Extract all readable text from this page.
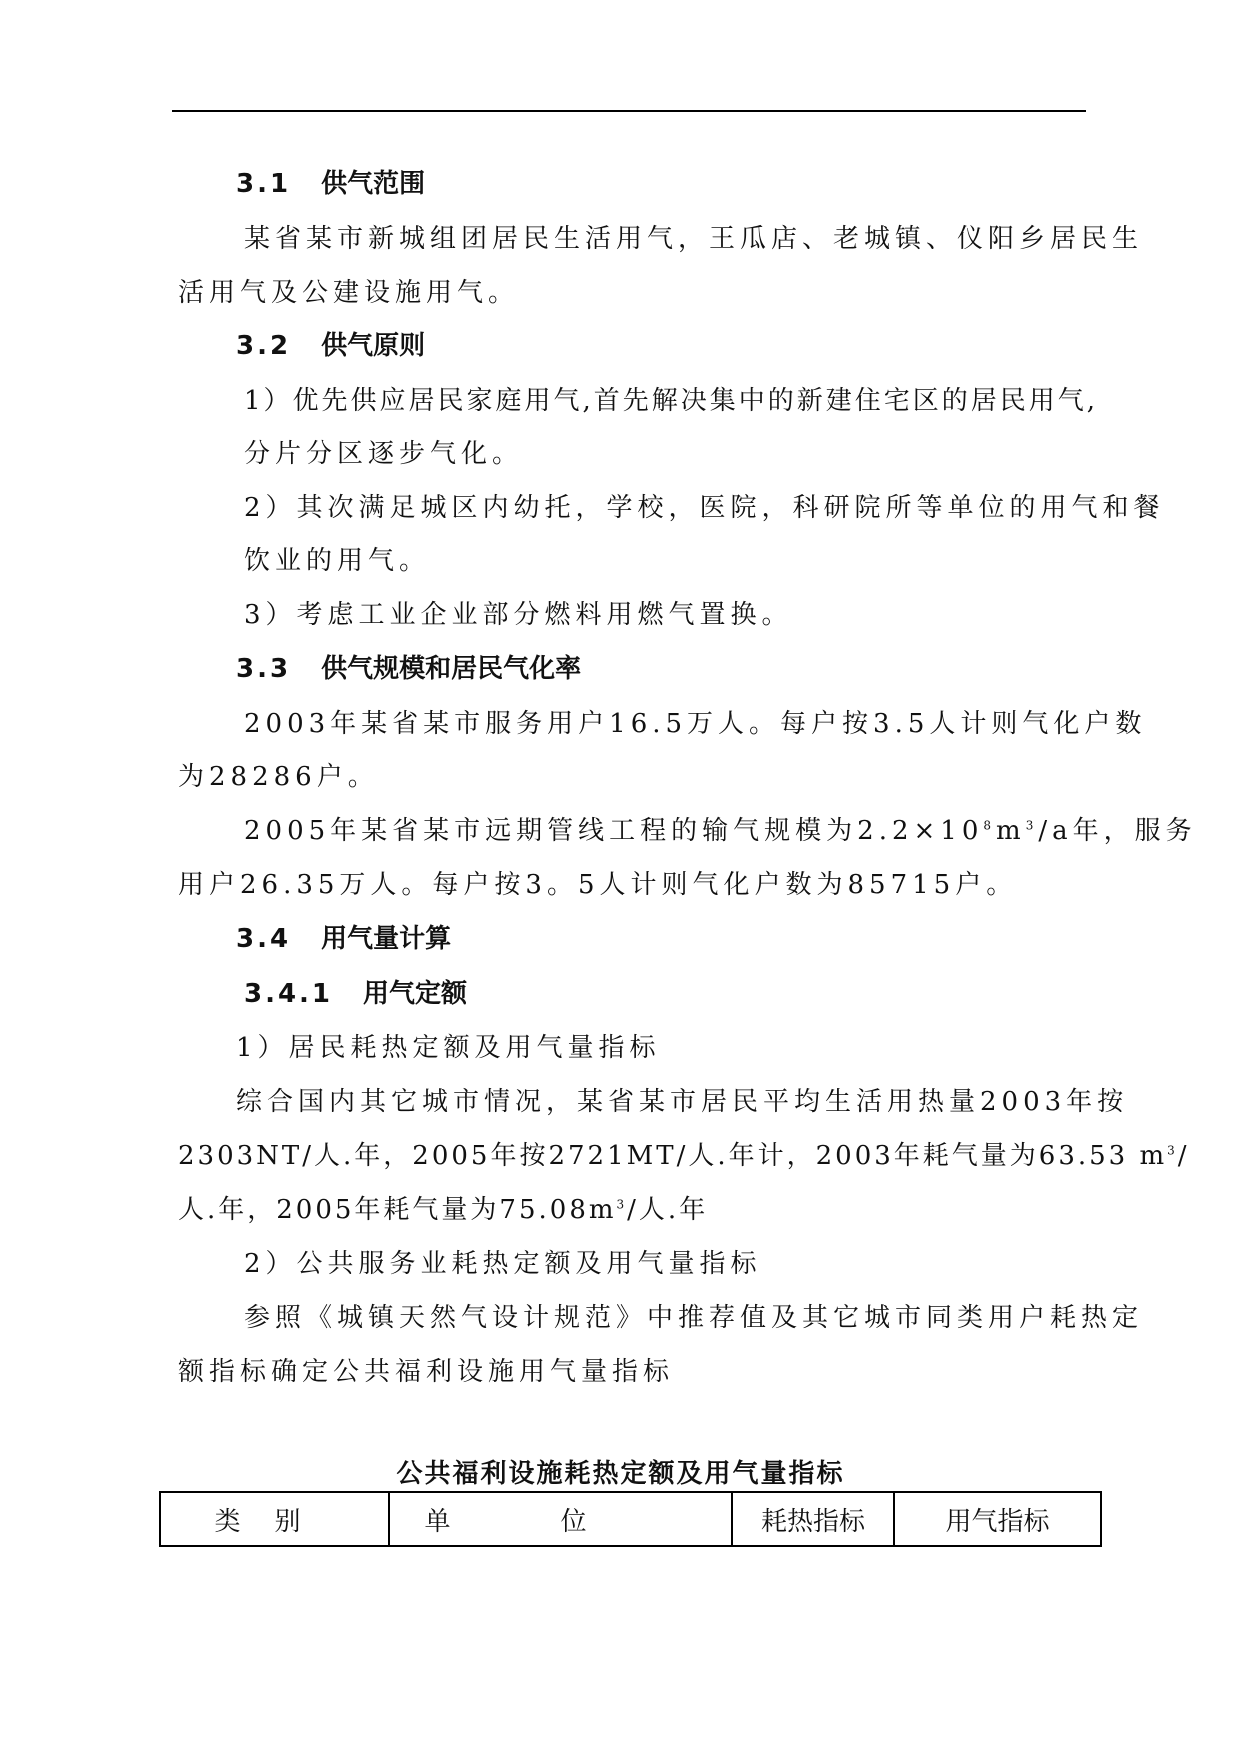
3.1 供气范围
某省某市新城组团居民生活用气，王瓜店、老城镇、仪阳乡居民生
活用气及公建设施用气。
3.2 供气原则
1）优先供应居民家庭用气,首先解决集中的新建住宅区的居民用气,
分片分区逐步气化。
2）其次满足城区内幼托，学校，医院，科研院所等单位的用气和餐
饮业的用气。
3）考虑工业企业部分燃料用燃气置换。
3.3 供气规模和居民气化率
2003年某省某市服务用户16.5万人。每户按3.5人计则气化户数
为28286户。
2005年某省某市远期管线工程的输气规模为$2.2\times 10^8m^3/a$年，服务
用户26.35万人。每户按3。5人计则气化户数为85715户。
3.4 用气量计算
3.4.1 用气定额
1）居民耗热定额及用气量指标
综合国内其它城市情况，某省某市居民平均生活用热量2003年按
2303NT/人.年，2005年按2721MT/人.年计，2003年耗气量为63.53 $m^3/$
人.年，2005年耗气量为$75.08m^3/$人.年
2）公共服务业耗热定额及用气量指标
参照《城镇天然气设计规范》中推荐值及其它城市同类用户耗热定
额指标确定公共福利设施用气量指标
公共福利设施耗热定额及用气量指标
类别	单位	耗热指标	用气指标
